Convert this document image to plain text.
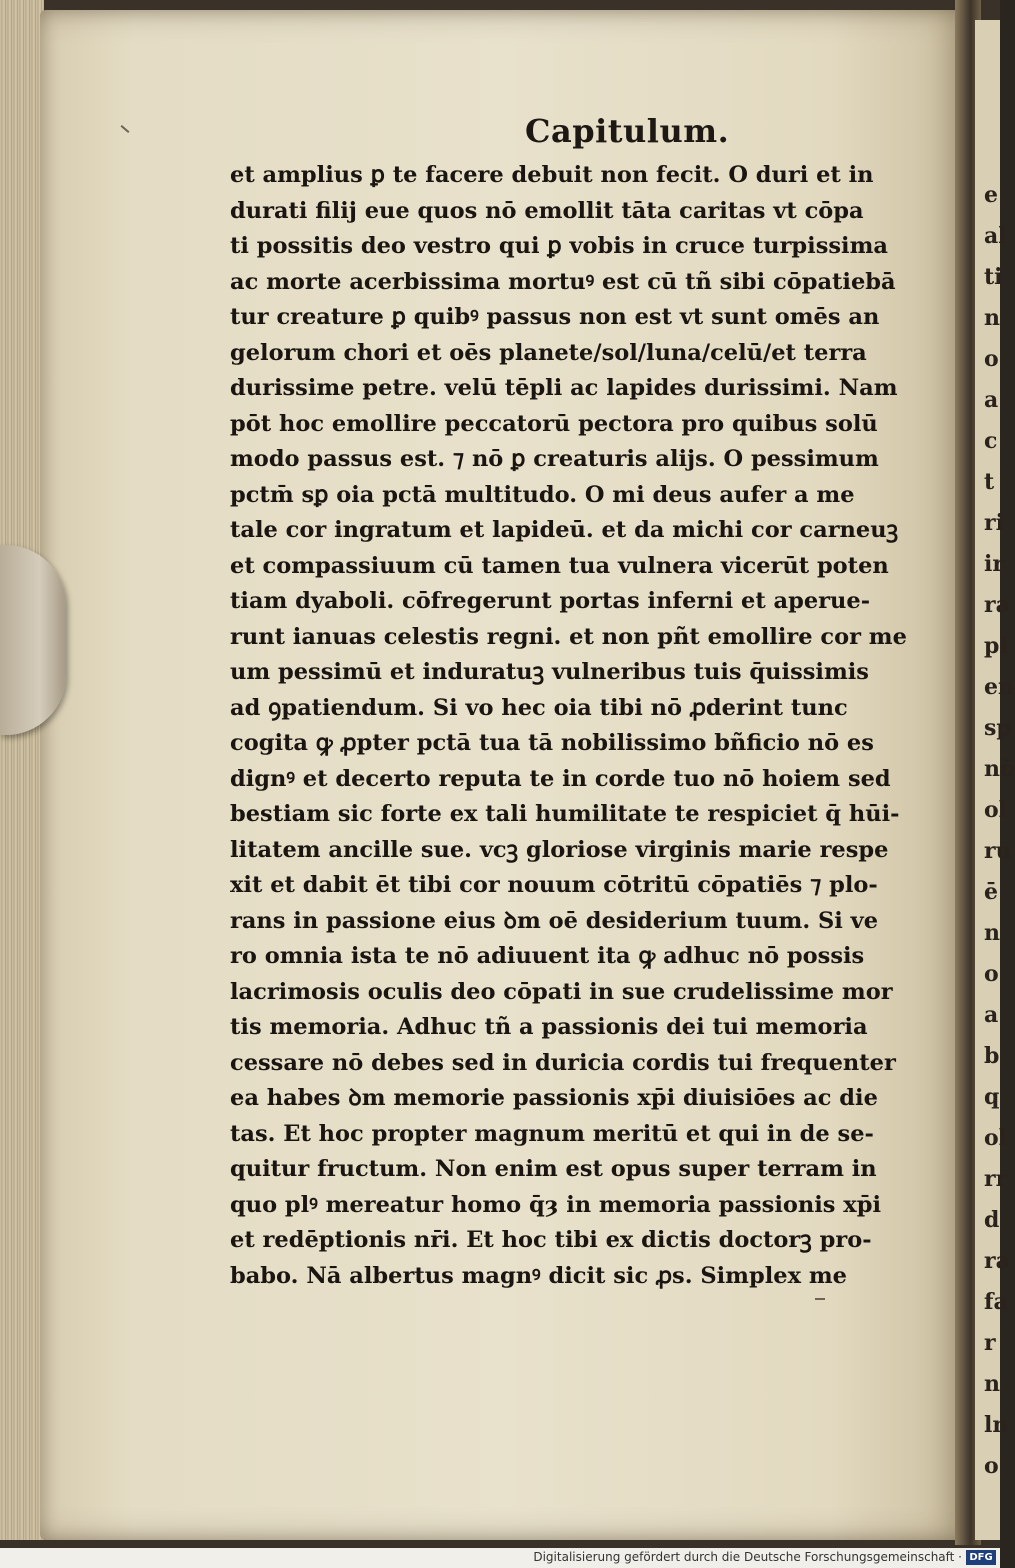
e
al
ti
n
o
a
c
t
ri
ir
ra
pl
en
sp
nō
ol
ru
ē
n
o
a
b
q
ol
rr
d
ra
fa
r
n
ln
o
Capitulum.
et amplius ꝑ te facere debuit non fecit. O duri et in
durati filij eue quos nō emollit tāta caritas vt cōpa
ti possitis deo vestro qui ꝑ vobis in cruce turpissima
ac morte acerbissima mortuꝰ est cū tñ sibi cōpatiebā
tur creature ꝑ quibꝰ passus non est vt sunt omēs an
gelorum chori et oēs planete/sol/luna/celū/et terra
durissime petre. velū tēpli ac lapides durissimi. Nam
pōt hoc emollire peccatorū pectora pro quibus solū
modo passus est. ⁊ nō ꝑ creaturis alijs. O pessimum
pctm̄ sꝑ oia pctā multitudo. O mi deus aufer a me
tale cor ingratum et lapideū. et da michi cor carneuꝫ
et compassiuum cū tamen tua vulnera vicerūt poten
tiam dyaboli. cōfregerunt portas inferni et aperue-
runt ianuas celestis regni. et non pñt emollire cor me
um pessimū et induratuꝫ vulneribus tuis q̄uissimis
ad ꝯpatiendum. Si vo hec oia tibi nō ꝓderint tunc
cogita ꝙ ꝓpter pctā tua tā nobilissimo bñficio nō es
dignꝰ et decerto reputa te in corde tuo nō hoiem sed
bestiam sic forte ex tali humilitate te respiciet q̄ hūi-
litatem ancille sue. vcꝫ gloriose virginis marie respe
xit et dabit ēt tibi cor nouum cōtritū cōpatiēs ⁊ plo-
rans in passione eius ꝺm oē desiderium tuum. Si ve
ro omnia ista te nō adiuuent ita ꝙ adhuc nō possis
lacrimosis oculis deo cōpati in sue crudelissime mor
tis memoria. Adhuc tñ a passionis dei tui memoria
cessare nō debes sed in duricia cordis tui frequenter
ea habes ꝺm memorie passionis xp̄i diuisiōes ac die
tas. Et hoc propter magnum meritū et qui in de se-
quitur fructum. Non enim est opus super terram in
quo plꝰ mereatur homo q̄ȝ in memoria passionis xp̄i
et redēptionis nr̄i. Et hoc tibi ex dictis doctorꝫ pro-
babo. Nā albertus magnꝰ dicit sic ꝓs. Simplex me
Digitalisierung gefördert durch die Deutsche Forschungsgemeinschaft · DFG
